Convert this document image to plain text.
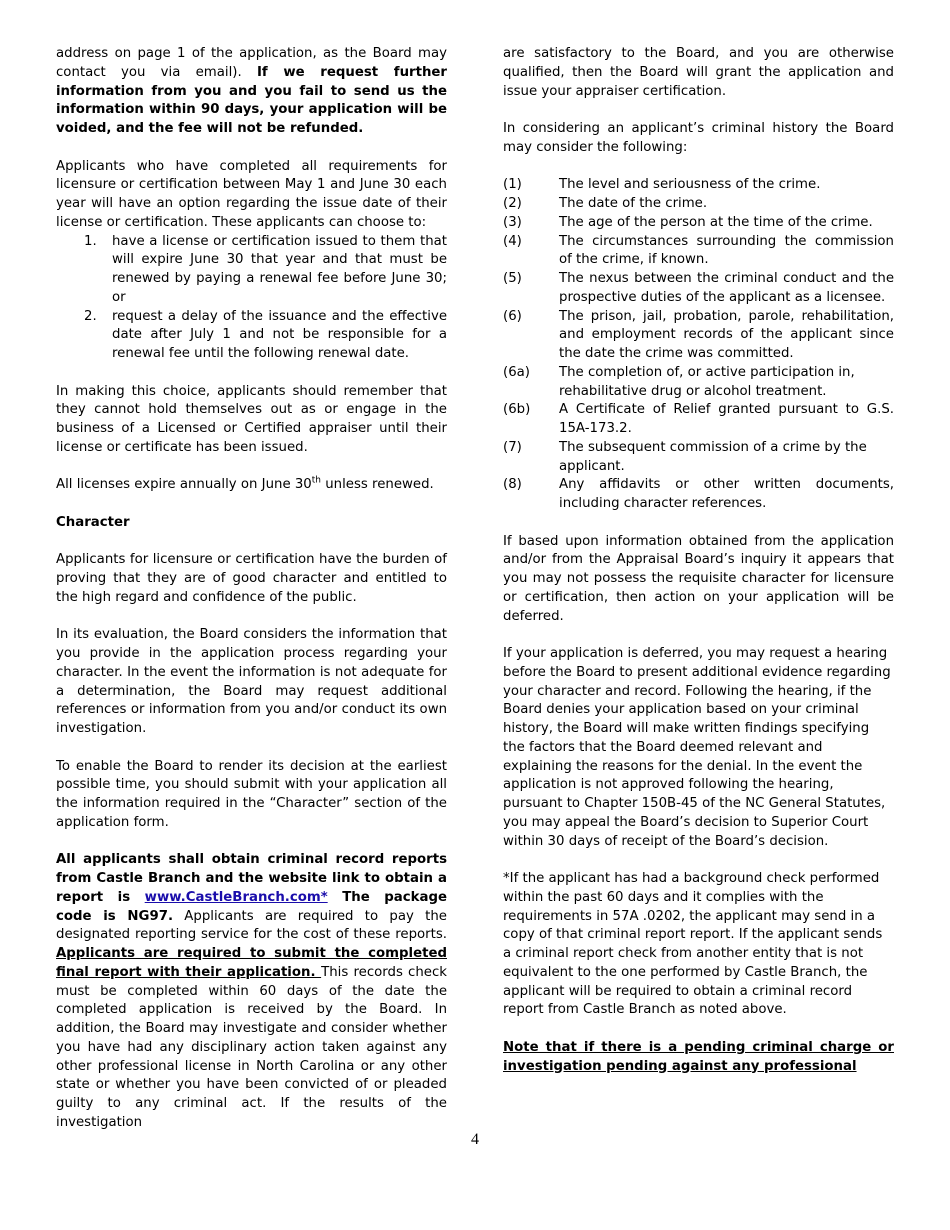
address on page 1 of the application, as the Board may contact you via email). If we request further information from you and you fail to send us the information within 90 days, your application will be voided, and the fee will not be refunded.

Applicants who have completed all requirements for licensure or certification between May 1 and June 30 each year will have an option regarding the issue date of their license or certification. These applicants can choose to:

1. have a license or certification issued to them that will expire June 30 that year and that must be renewed by paying a renewal fee before June 30; or
2. request a delay of the issuance and the effective date after July 1 and not be responsible for a renewal fee until the following renewal date.

In making this choice, applicants should remember that they cannot hold themselves out as or engage in the business of a Licensed or Certified appraiser until their license or certificate has been issued.

All licenses expire annually on June 30th unless renewed.

Character

Applicants for licensure or certification have the burden of proving that they are of good character and entitled to the high regard and confidence of the public.

In its evaluation, the Board considers the information that you provide in the application process regarding your character. In the event the information is not adequate for a determination, the Board may request additional references or information from you and/or conduct its own investigation.

To enable the Board to render its decision at the earliest possible time, you should submit with your application all the information required in the “Character” section of the application form.

All applicants shall obtain criminal record reports from Castle Branch and the website link to obtain a report is www.CastleBranch.com* The package code is NG97. Applicants are required to pay the designated reporting service for the cost of these reports. Applicants are required to submit the completed final report with their application. This records check must be completed within 60 days of the date the completed application is received by the Board. In addition, the Board may investigate and consider whether you have had any disciplinary action taken against any other professional license in North Carolina or any other state or whether you have been convicted of or pleaded guilty to any criminal act. If the results of the investigation

are satisfactory to the Board, and you are otherwise qualified, then the Board will grant the application and issue your appraiser certification.

In considering an applicant’s criminal history the Board may consider the following:

(1)	The level and seriousness of the crime.
(2)	The date of the crime.
(3)	The age of the person at the time of the crime.
(4)	The circumstances surrounding the commission of the crime, if known.
(5)	The nexus between the criminal conduct and the prospective duties of the applicant as a licensee.
(6)	The prison, jail, probation, parole, rehabilitation, and employment records of the applicant since the date the crime was committed.
(6a) The completion of, or active participation in, rehabilitative drug or alcohol treatment.
(6b) A Certificate of Relief granted pursuant to G.S. 15A-173.2.
(7)	The subsequent commission of a crime by the applicant.
(8)	Any affidavits or other written documents, including character references.

If based upon information obtained from the application and/or from the Appraisal Board’s inquiry it appears that you may not possess the requisite character for licensure or certification, then action on your application will be deferred.

If your application is deferred, you may request a hearing before the Board to present additional evidence regarding your character and record. Following the hearing, if the Board denies your application based on your criminal history, the Board will make written findings specifying the factors that the Board deemed relevant and explaining the reasons for the denial. In the event the application is not approved following the hearing, pursuant to Chapter 150B-45 of the NC General Statutes, you may appeal the Board’s decision to Superior Court within 30 days of receipt of the Board’s decision.

*If the applicant has had a background check performed within the past 60 days and it complies with the requirements in 57A .0202, the applicant may send in a copy of that criminal report report. If the applicant sends a criminal report check from another entity that is not equivalent to the one performed by Castle Branch, the applicant will be required to obtain a criminal record report from Castle Branch as noted above.

Note that if there is a pending criminal charge or investigation pending against any professional

4
